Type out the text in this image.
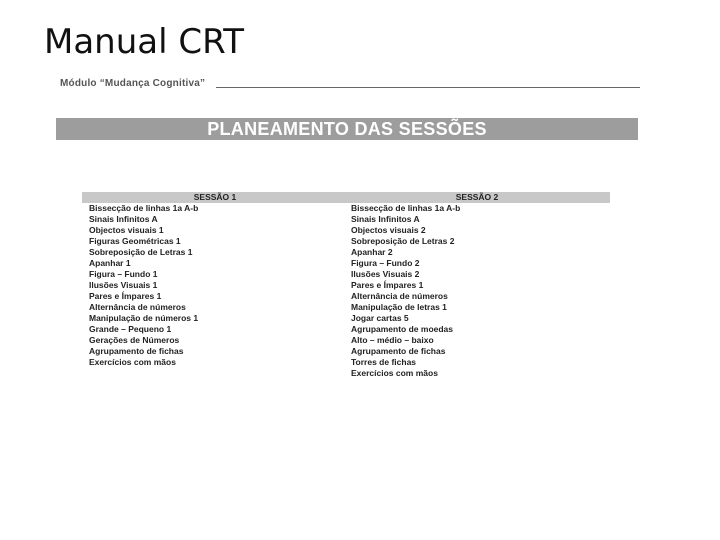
Manual CRT
Módulo “Mudança Cognitiva”
PLANEAMENTO DAS SESSÕES
SESSÃO 1
Bissecção de linhas 1a A-b
Sinais Infinitos A
Objectos visuais 1
Figuras Geométricas 1
Sobreposição de Letras 1
Apanhar 1
Figura – Fundo 1
Ilusões Visuais 1
Pares e Ímpares 1
Alternância de números
Manipulação de números 1
Grande – Pequeno 1
Gerações de Números
Agrupamento de fichas
Exercícios com mãos
SESSÃO 2
Bissecção de linhas 1a A-b
Sinais Infinitos A
Objectos visuais 2
Sobreposição de Letras 2
Apanhar 2
Figura – Fundo 2
Ilusões Visuais 2
Pares e Ímpares 1
Alternância de números
Manipulação de letras 1
Jogar cartas 5
Agrupamento de moedas
Alto – médio – baixo
Agrupamento de fichas
Torres de fichas
Exercícios com mãos
